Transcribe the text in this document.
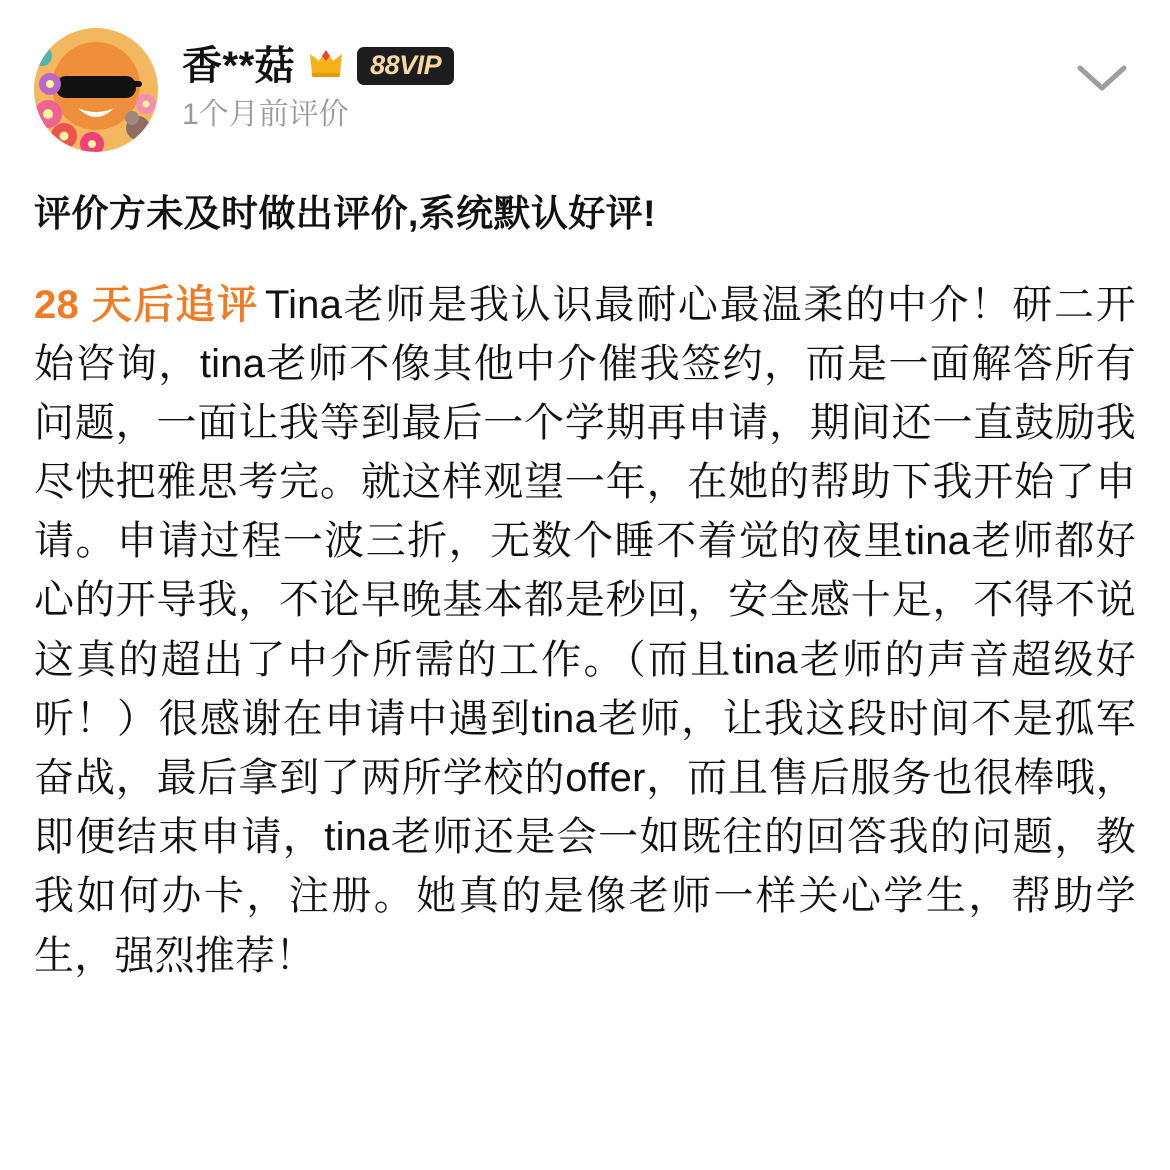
香**菇	88VIP
1个月前评价

评价方未及时做出评价,系统默认好评!

28 天后追评 Tina老师是我认识最耐心最温柔的中介！研二开始咨询，tina老师不像其他中介催我签约，而是一面解答所有问题，一面让我等到最后一个学期再申请，期间还一直鼓励我尽快把雅思考完。就这样观望一年，在她的帮助下我开始了申请。申请过程一波三折，无数个睡不着觉的夜里tina老师都好心的开导我，不论早晚基本都是秒回，安全感十足，不得不说这真的超出了中介所需的工作。（而且tina老师的声音超级好听！）很感谢在申请中遇到tina老师，让我这段时间不是孤军奋战，最后拿到了两所学校的offer，而且售后服务也很棒哦，即便结束申请，tina老师还是会一如既往的回答我的问题，教我如何办卡，注册。她真的是像老师一样关心学生，帮助学生，强烈推荐！
